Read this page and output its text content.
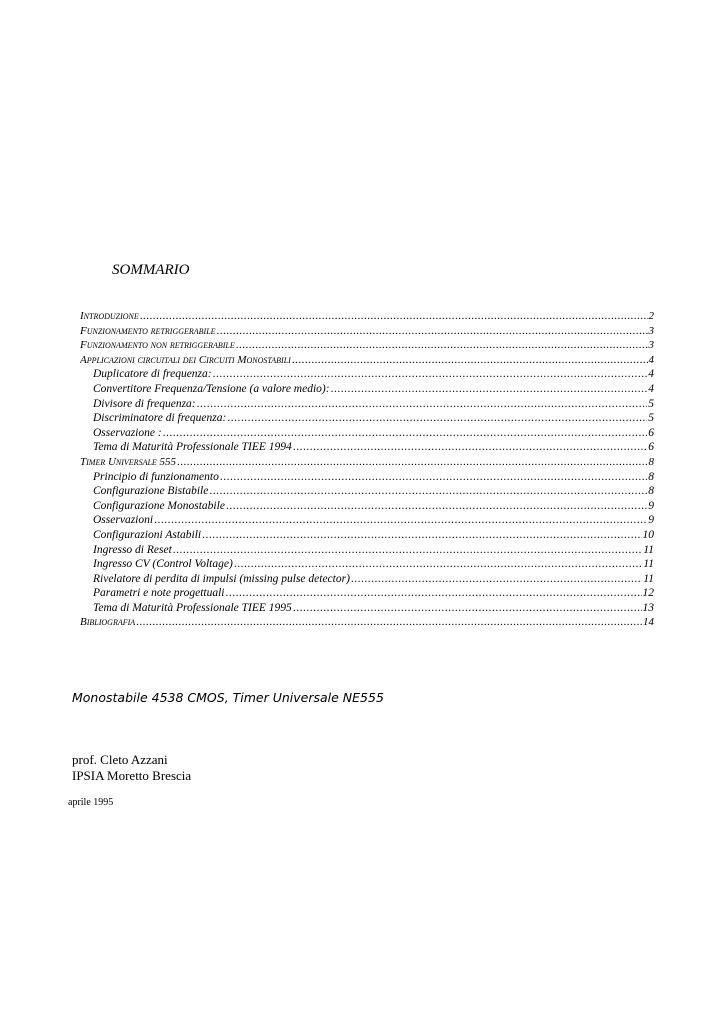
SOMMARIO
Introduzione .....	2
Funzionamento retriggerabile .....	3
Funzionamento non retriggerabile .....	3
Applicazioni circuitali dei Circuiti Monostabili .....	4
Duplicatore di frequenza: .....	4
Convertitore Frequenza/Tensione (a valore medio): .....	4
Divisore di frequenza: .....	5
Discriminatore di frequenza: .....	5
Osservazione : .....	6
Tema di Maturità Professionale TIEE 1994 .....	6
Timer Universale 555 .....	8
Principio di funzionamento .....	8
Configurazione Bistabile .....	8
Configurazione Monostabile .....	9
Osservazioni .....	9
Configurazioni Astabili .....	10
Ingresso di Reset .....	11
Ingresso CV (Control Voltage) .....	11
Rivelatore di perdita di impulsi (missing pulse detector) .....	11
Parametri e note progettuali .....	12
Tema di Maturità Professionale TIEE 1995 .....	13
Bibliografia .....	14
Monostabile 4538 CMOS, Timer Universale NE555
prof. Cleto Azzani
IPSIA Moretto Brescia
aprile 1995
